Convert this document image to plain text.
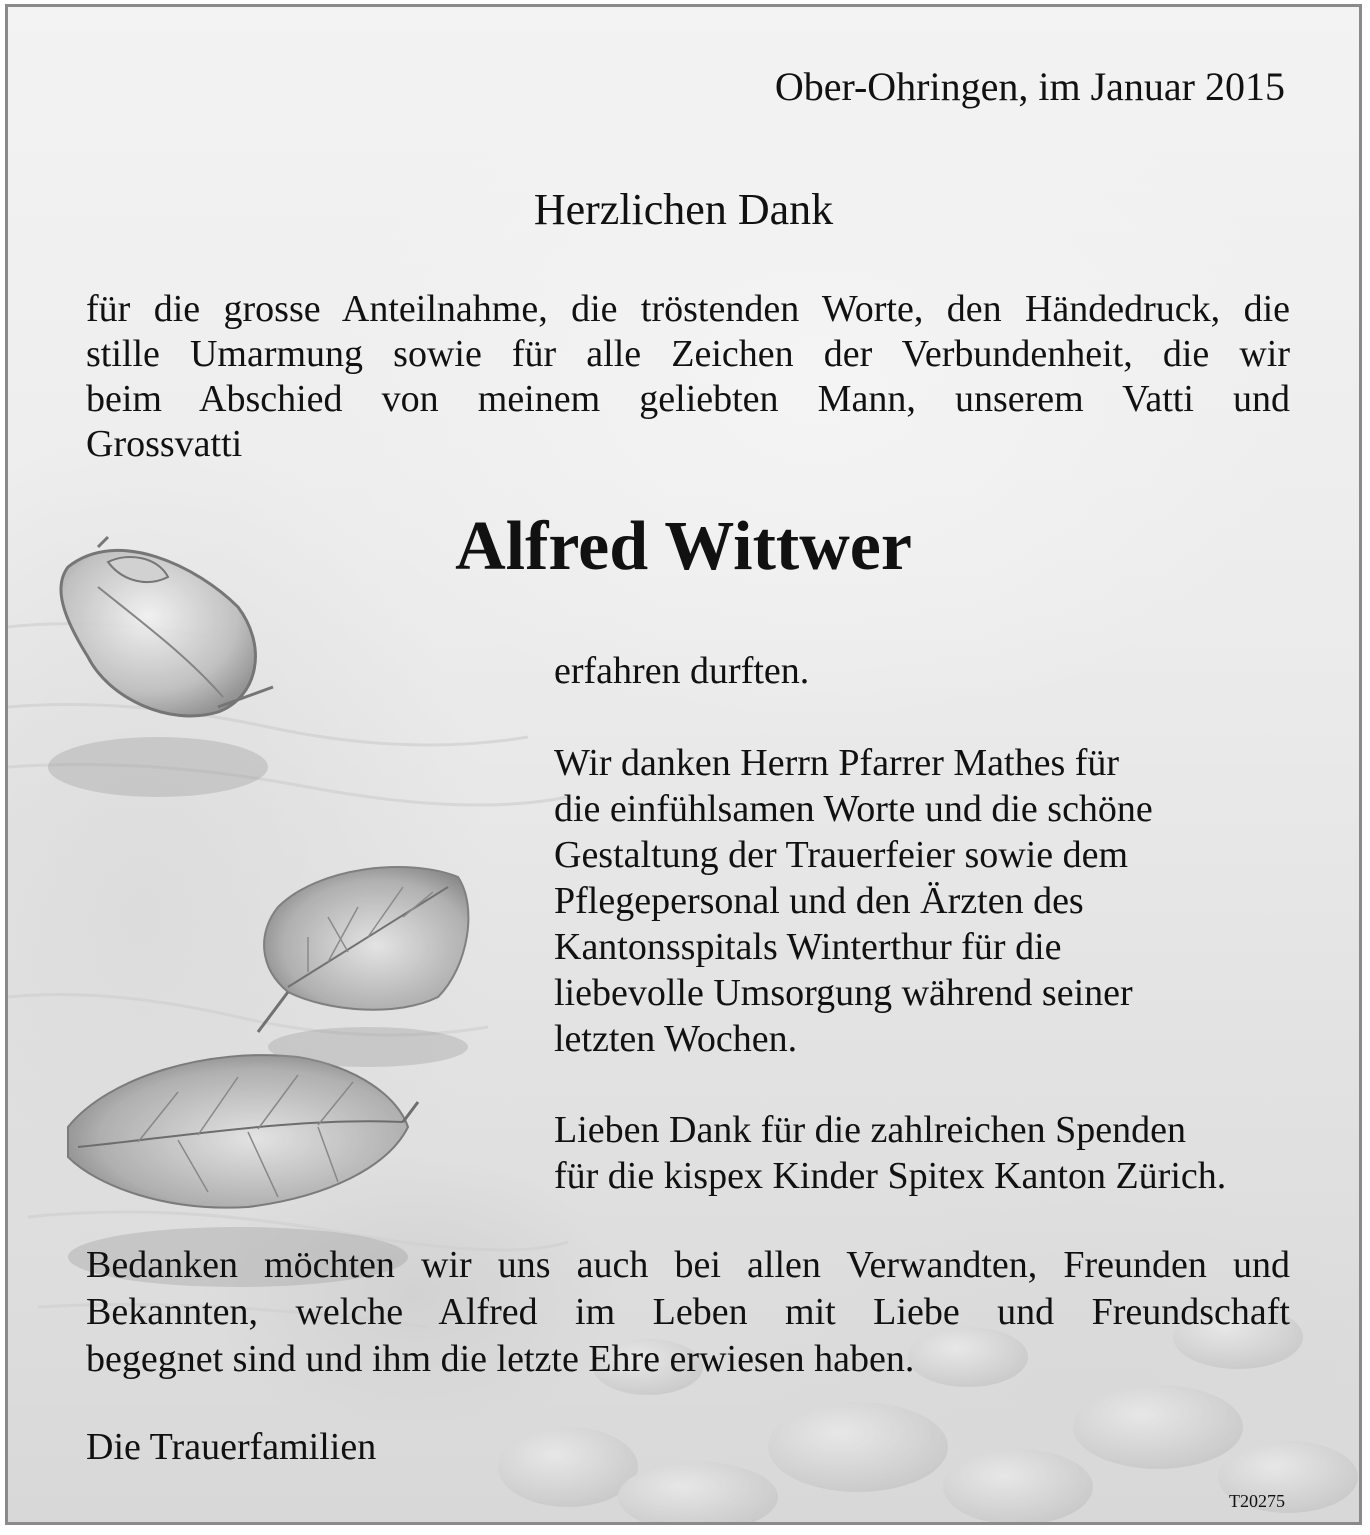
Ober-Ohringen, im Januar 2015

Herzlichen Dank
für die grosse Anteilnahme, die tröstenden Worte, den Händedruck, die
stille Umarmung sowie für alle Zeichen der Verbundenheit, die wir
beim Abschied von meinem geliebten Mann, unserem Vatti und
Grossvatti
Alfred Wittwer

erfahren durften.

Wir danken Herrn Pfarrer Mathes für
die einfühlsamen Worte und die schöne
Gestaltung der Trauerfeier sowie dem
Pflegepersonal und den Ärzten des
Kantonsspitals Winterthur für die
liebevolle Umsorgung während seiner
letzten Wochen.
Lieben Dank für die zahlreichen Spenden
für die kispex Kinder Spitex Kanton Zürich.
Bedanken möchten wir uns auch bei allen Verwandten, Freunden und
Bekannten, welche Alfred im Leben mit Liebe und Freundschaft
begegnet sind und ihm die letzte Ehre erwiesen haben.

Die Trauerfamilien

T20275
